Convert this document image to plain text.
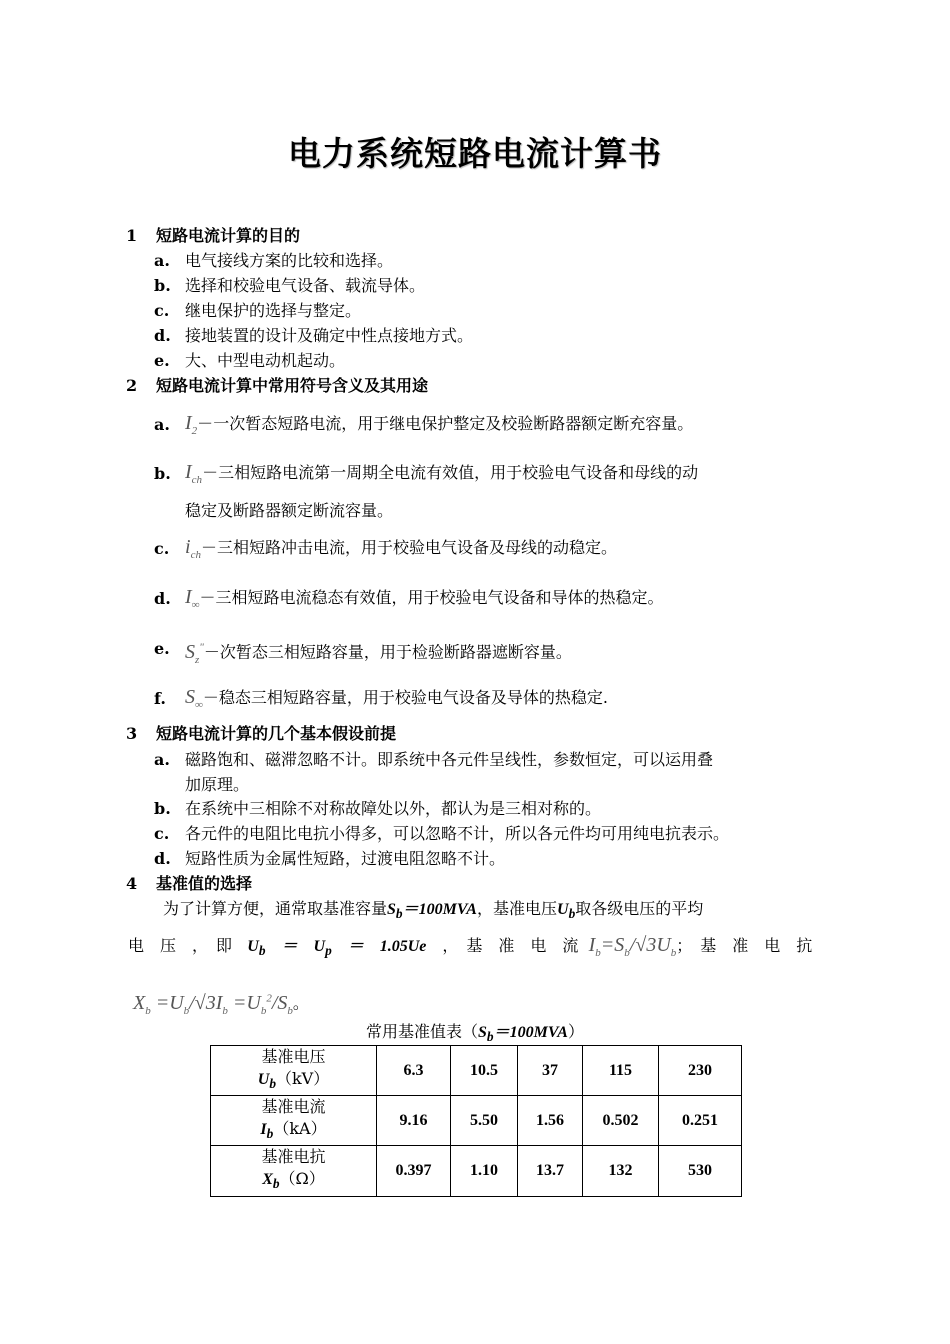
电力系统短路电流计算书
1 短路电流计算的目的
a. 电气接线方案的比较和选择。
b. 选择和校验电气设备、载流导体。
c. 继电保护的选择与整定。
d. 接地装置的设计及确定中性点接地方式。
e. 大、中型电动机起动。
2 短路电流计算中常用符号含义及其用途
a. $I_2-$一次暂态短路电流，用于继电保护整定及校验断路器额定断充容量。
b. $I_{ch}-$三相短路电流第一周期全电流有效值，用于校验电气设备和母线的动
稳定及断路器额定断流容量。
c. $i_{ch}-$三相短路冲击电流，用于校验电气设备及母线的动稳定。
d. $I_\infty-$三相短路电流稳态有效值，用于校验电气设备和导体的热稳定。
e. $S_z^"-$次暂态三相短路容量，用于检验断路器遮断容量。
f. $S_\infty-$稳态三相短路容量，用于校验电气设备及导体的热稳定.
3 短路电流计算的几个基本假设前提
a. 磁路饱和、磁滞忽略不计。即系统中各元件呈线性，参数恒定，可以运用叠
加原理。
b. 在系统中三相除不对称故障处以外，都认为是三相对称的。
c. 各元件的电阻比电抗小得多，可以忽略不计，所以各元件均可用纯电抗表示。
d. 短路性质为金属性短路，过渡电阻忽略不计。
4 基准值的选择
为了计算方便，通常取基准容量$S_b=100MVA$，基准电压$U_b$取各级电压的平均
电　压　，　即 $U_b$　＝　$U_p$　＝　1.05Ue　，　基　准　电　流 $I_b=S_b/√3U_b$；　基　准　电　抗
$X_b =U_b/√3I_b =U_b^2/S_b$。
常用基准值表$(S_b=100MVA)$
基准电压
$U_b(kV)$	6.3	10.5	37	115	230

基准电流
$I_b(kA)$	9.16	5.50	1.56	0.502	0.251

基准电抗
$X_b(\Omega)$	0.397	1.10	13.7	132	530
